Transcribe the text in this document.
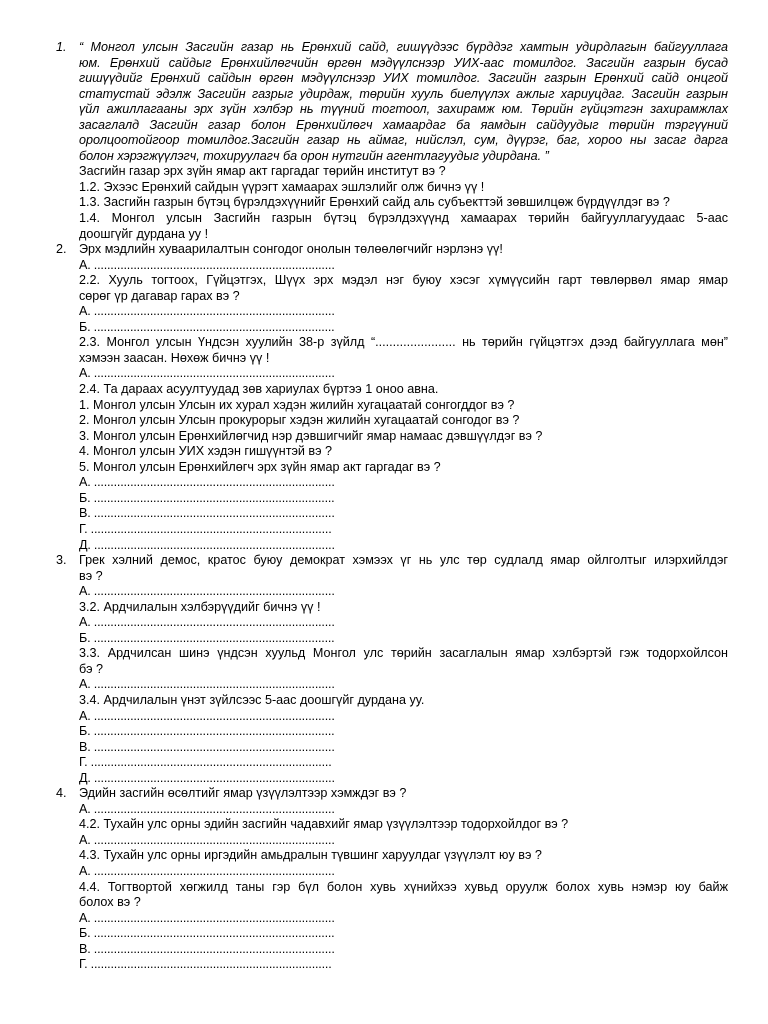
1. “ Монгол улсын Засгийн газар нь Ерөнхий сайд, гишүүдээс бүрддэг хамтын удирдлагын байгууллага
юм. Ерөнхий сайдыг Ерөнхийлөгчийн өргөн мэдүүлснээр УИХ-аас томилдог. Засгийн газрын бусад
гишүүдийг Ерөнхий сайдын өргөн мэдүүлснээр УИХ томилдог. Засгийн газрын Ерөнхий сайд онцгой
статустай эдэлж Засгийн газрыг удирдаж, төрийн хууль биелүүлэх ажлыг хариуцдаг. Засгийн газрын
үйл ажиллагааны эрх зүйн хэлбэр нь түүний тогтоол, захирамж юм. Төрийн гүйцэтгэн захирамжлах
засаглалд Засгийн газар болон Ерөнхийлөгч хамаардаг ба яамдын сайдуудыг төрийн тэргүүний
оролцоотойгоор томилдог.Засгийн газар нь аймаг, нийслэл, сум, дүүрэг, баг, хороо ны засаг дарга
болон хэрэгжүүлэгч, тохируулагч ба орон нутгийн агентлагуудыг удирдана. ”
Засгийн газар эрх зүйн ямар акт гаргадаг төрийн институт вэ ?
1.2. Эхээс Ерөнхий сайдын үүрэгт хамаарах эшлэлийг олж бичнэ үү !
1.3. Засгийн газрын бүтэц бүрэлдэхүүнийг Ерөнхий сайд аль субъекттэй зөвшилцөж бүрдүүлдэг вэ ?
1.4. Монгол улсын Засгийн газрын бүтэц бүрэлдэхүүнд хамаарах төрийн байгууллагуудаас 5-аас
доошгүйг дурдана уу !
2. Эрх мэдлийн хуваарилалтын сонгодог онолын төлөөлөгчийг нэрлэнэ үү!
A. .........................................................................
2.2. Хууль тогтоох, Гүйцэтгэх, Шүүх эрх мэдэл нэг буюу хэсэг хүмүүсийн гарт төвлөрвөл ямар ямар
сөрөг үр дагавар гарах вэ ?
A. .........................................................................
Б. .........................................................................
2.3. Монгол улсын Үндсэн хуулийн 38-р зүйлд “....................... нь төрийн гүйцэтгэх дээд байгууллага мөн”
хэмээн заасан. Нөхөж бичнэ үү !
A. .........................................................................
2.4. Та дараах асуултуудад зөв хариулах бүртээ 1 оноо авна.
1. Монгол улсын Улсын их хурал хэдэн жилийн хугацаатай сонгогддог вэ ?
2. Монгол улсын Улсын прокурорыг хэдэн жилийн хугацаатай сонгодог вэ ?
3. Монгол улсын Ерөнхийлөгчид нэр дэвшигчийг ямар намаас дэвшүүлдэг вэ ?
4. Монгол улсын УИХ хэдэн гишүүнтэй вэ ?
5. Монгол улсын Ерөнхийлөгч эрх зүйн ямар акт гаргадаг вэ ?
A. .........................................................................
Б. .........................................................................
В. .........................................................................
Г. .........................................................................
Д. .........................................................................
3. Грек хэлний демос, кратос буюу демократ хэмээх үг нь улс төр судлалд ямар ойлголтыг илэрхийлдэг
вэ ?
A. .........................................................................
3.2. Ардчилалын хэлбэрүүдийг бичнэ үү !
A. .........................................................................
Б. .........................................................................
3.3. Ардчилсан шинэ үндсэн хуульд Монгол улс төрийн засаглалын ямар хэлбэртэй гэж тодорхойлсон
бэ ?
A. .........................................................................
3.4. Ардчилалын үнэт зүйлсээс 5-аас доошгүйг дурдана уу.
A. .........................................................................
Б. .........................................................................
В. .........................................................................
Г. .........................................................................
Д. .........................................................................
4. Эдийн засгийн өсөлтийг ямар үзүүлэлтээр хэмждэг вэ ?
A. .........................................................................
4.2. Тухайн улс орны эдийн засгийн чадавхийг ямар үзүүлэлтээр тодорхойлдог вэ ?
A. .........................................................................
4.3. Тухайн улс орны иргэдийн амьдралын түвшинг харуулдаг үзүүлэлт юу вэ ?
A. .........................................................................
4.4. Тогтвортой хөгжилд таны гэр бүл болон хувь хүнийхээ хувьд оруулж болох хувь нэмэр юу байж
болох вэ ?
A. .........................................................................
Б. .........................................................................
В. .........................................................................
Г. .........................................................................
